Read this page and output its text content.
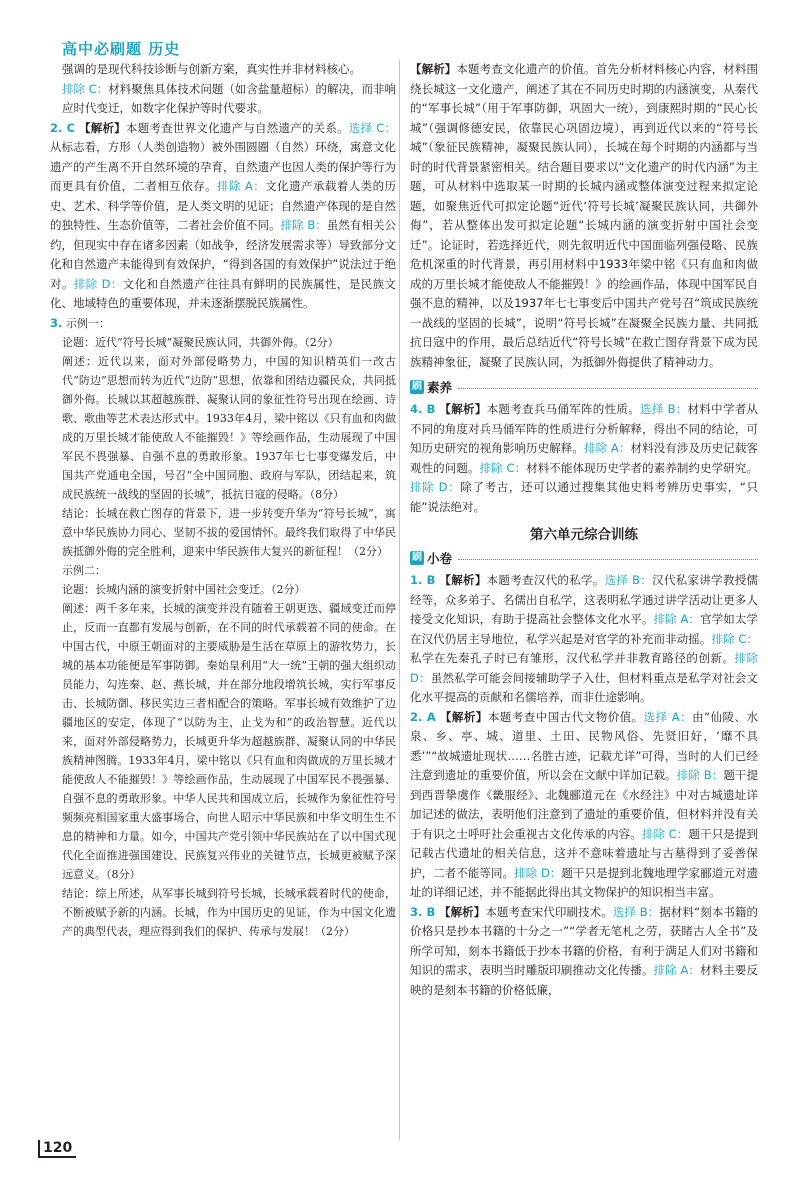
高中必刷题 历史

强调的是现代科技诊断与创新方案，真实性并非材料核心。

排除 C：材料聚焦具体技术问题（如含盐量超标）的解决，而非响应时代变迁，如数字化保护等时代要求。

2. C 【解析】本题考查世界文化遗产与自然遗产的关系。选择 C：从标志看，方形（人类创造物）被外围圆圈（自然）环绕，寓意文化遗产的产生离不开自然环境的孕育，自然遗产也因人类的保护等行为而更具有价值，二者相互依存。排除 A：文化遗产承载着人类的历史、艺术、科学等价值，是人类文明的见证；自然遗产体现的是自然的独特性、生态价值等，二者社会价值不同。排除 B：虽然有相关公约，但现实中存在诸多因素（如战争，经济发展需求等）导致部分文化和自然遗产未能得到有效保护，“得到各国的有效保护”说法过于绝对。排除 D：文化和自然遗产往往具有鲜明的民族属性，是民族文化、地域特色的重要体现，并未逐渐摆脱民族属性。

3. 示例一：

论题：近代“符号长城”凝聚民族认同，共御外侮。（2分）

阐述：近代以来，面对外部侵略势力，中国的知识精英们一改古代“防边”思想而转为近代“边防”思想，依靠和团结边疆民众，共同抵御外侮。长城以其超越族群、凝聚认同的象征性符号出现在绘画、诗歌、歌曲等艺术表达形式中。1933年4月，梁中铭以《只有血和肉做成的万里长城才能使敌人不能摧毁！》等绘画作品，生动展现了中国军民不畏强暴、自强不息的勇敢形象。1937年七七事变爆发后，中国共产党通电全国，号召“全中国同胞、政府与军队，团结起来，筑成民族统一战线的坚固的长城”，抵抗日寇的侵略。（8分）

结论：长城在救亡图存的背景下，进一步转变升华为“符号长城”，寓意中华民族协力同心、坚韧不拔的爱国情怀。最终我们取得了中华民族抵御外侮的完全胜利，迎来中华民族伟大复兴的新征程！（2分）

示例二：

论题：长城内涵的演变折射中国社会变迁。（2分）

阐述：两千多年来，长城的演变并没有随着王朝更迭、疆域变迁而停止，反而一直都有发展与创新，在不同的时代承载着不同的使命。在中国古代，中原王朝面对的主要威胁是生活在草原上的游牧势力，长城的基本功能便是军事防御。秦始皇利用“大一统”王朝的强大组织动员能力，勾连秦、赵、燕长城，并在部分地段增筑长城，实行军事反击、长城防御、移民实边三者相配合的策略。军事长城有效维护了边疆地区的安定，体现了“以防为主，止戈为和”的政治智慧。近代以来，面对外部侵略势力，长城更升华为超越族群、凝聚认同的中华民族精神图腾。1933年4月，梁中铭以《只有血和肉做成的万里长城才能使敌人不能摧毁！》等绘画作品，生动展现了中国军民不畏强暴、自强不息的勇敢形象。中华人民共和国成立后，长城作为象征性符号频频亮相国家重大盛事场合，向世人昭示中华民族和中华文明生生不息的精神和力量。如今，中国共产党引领中华民族站在了以中国式现代化全面推进强国建设、民族复兴伟业的关键节点，长城更被赋予深远意义。（8分）

结论：综上所述，从军事长城到符号长城，长城承载着时代的使命，不断被赋予新的内涵。长城，作为中国历史的见证，作为中国文化遗产的典型代表，理应得到我们的保护、传承与发展！（2分）

【解析】本题考查文化遗产的价值。首先分析材料核心内容，材料围绕长城这一文化遗产，阐述了其在不同历史时期的内涵演变，从秦代的“军事长城”（用于军事防御，巩固大一统），到康熙时期的“民心长城”（强调修德安民，依靠民心巩固边境），再到近代以来的“符号长城”（象征民族精神，凝聚民族认同），长城在每个时期的内涵都与当时的时代背景紧密相关。结合题目要求以“文化遗产的时代内涵”为主题，可从材料中选取某一时期的长城内涵或整体演变过程来拟定论题，如聚焦近代可拟定论题“近代‘符号长城’凝聚民族认同，共御外侮”，若从整体出发可拟定论题“长城内涵的演变折射中国社会变迁”。论证时，若选择近代，则先叙明近代中国面临列强侵略、民族危机深重的时代背景，再引用材料中1933年梁中铭《只有血和肉做成的万里长城才能使敌人不能摧毁！》的绘画作品，体现中国军民自强不息的精神，以及1937年七七事变后中国共产党号召“筑成民族统一战线的坚固的长城”，说明“符号长城”在凝聚全民族力量、共同抵抗日寇中的作用，最后总结近代“符号长城”在救亡图存背景下成为民族精神象征，凝聚了民族认同，为抵御外侮提供了精神动力。

刷 素养

4. B 【解析】本题考查兵马俑军阵的性质。选择 B：材料中学者从不同的角度对兵马俑军阵的性质进行分析解释，得出不同的结论，可知历史研究的视角影响历史解释。排除 A：材料没有涉及历史记载客观性的问题。排除 C：材料不能体现历史学者的素养制约史学研究。排除 D：除了考古，还可以通过搜集其他史料考辨历史事实，“只能”说法绝对。

第六单元综合训练
刷 小卷

1. B 【解析】本题考查汉代的私学。选择 B：汉代私家讲学教授儒经等，众多弟子、名儒出自私学，这表明私学通过讲学活动让更多人接受文化知识，有助于提高社会整体文化水平。排除 A：官学如太学在汉代仍居主导地位，私学兴起是对官学的补充而非动摇。排除 C：私学在先秦孔子时已有雏形，汉代私学并非教育路径的创新。排除 D：虽然私学可能会间接辅助学子入仕，但材料重点是私学对社会文化水平提高的贡献和名儒培养，而非仕途影响。

2. A 【解析】本题考查中国古代文物价值。选择 A：由“仙陵、水泉、乡、亭、城、道里、土田、民物风俗、先贤旧好，‘靡不具悉’”“故城遗址现状……名胜古迹，记载尤详”可得，当时的人们已经注意到遗址的重要价值，所以会在文献中详加记载。排除 B：题干提到西晋挚虞作《畿服经》、北魏郦道元在《水经注》中对古城遗址详加记述的做法，表明他们注意到了遗址的重要价值，但材料并没有关于有识之士呼吁社会重视古文化传承的内容。排除 C：题干只是提到记载古代遗址的相关信息，这并不意味着遗址与古墓得到了妥善保护，二者不能等同。排除 D：题干只是提到北魏地理学家郦道元对遗址的详细记述，并不能据此得出其文物保护的知识相当丰富。

3. B 【解析】本题考查宋代印刷技术。选择 B：据材料“刻本书籍的价格只是抄本书籍的十分之一”“学者无笔札之劳，获睹古人全书”及所学可知，刻本书籍低于抄本书籍的价格，有利于满足人们对书籍和知识的需求，表明当时雕版印刷推动文化传播。排除 A：材料主要反映的是刻本书籍的价格低廉，

120
